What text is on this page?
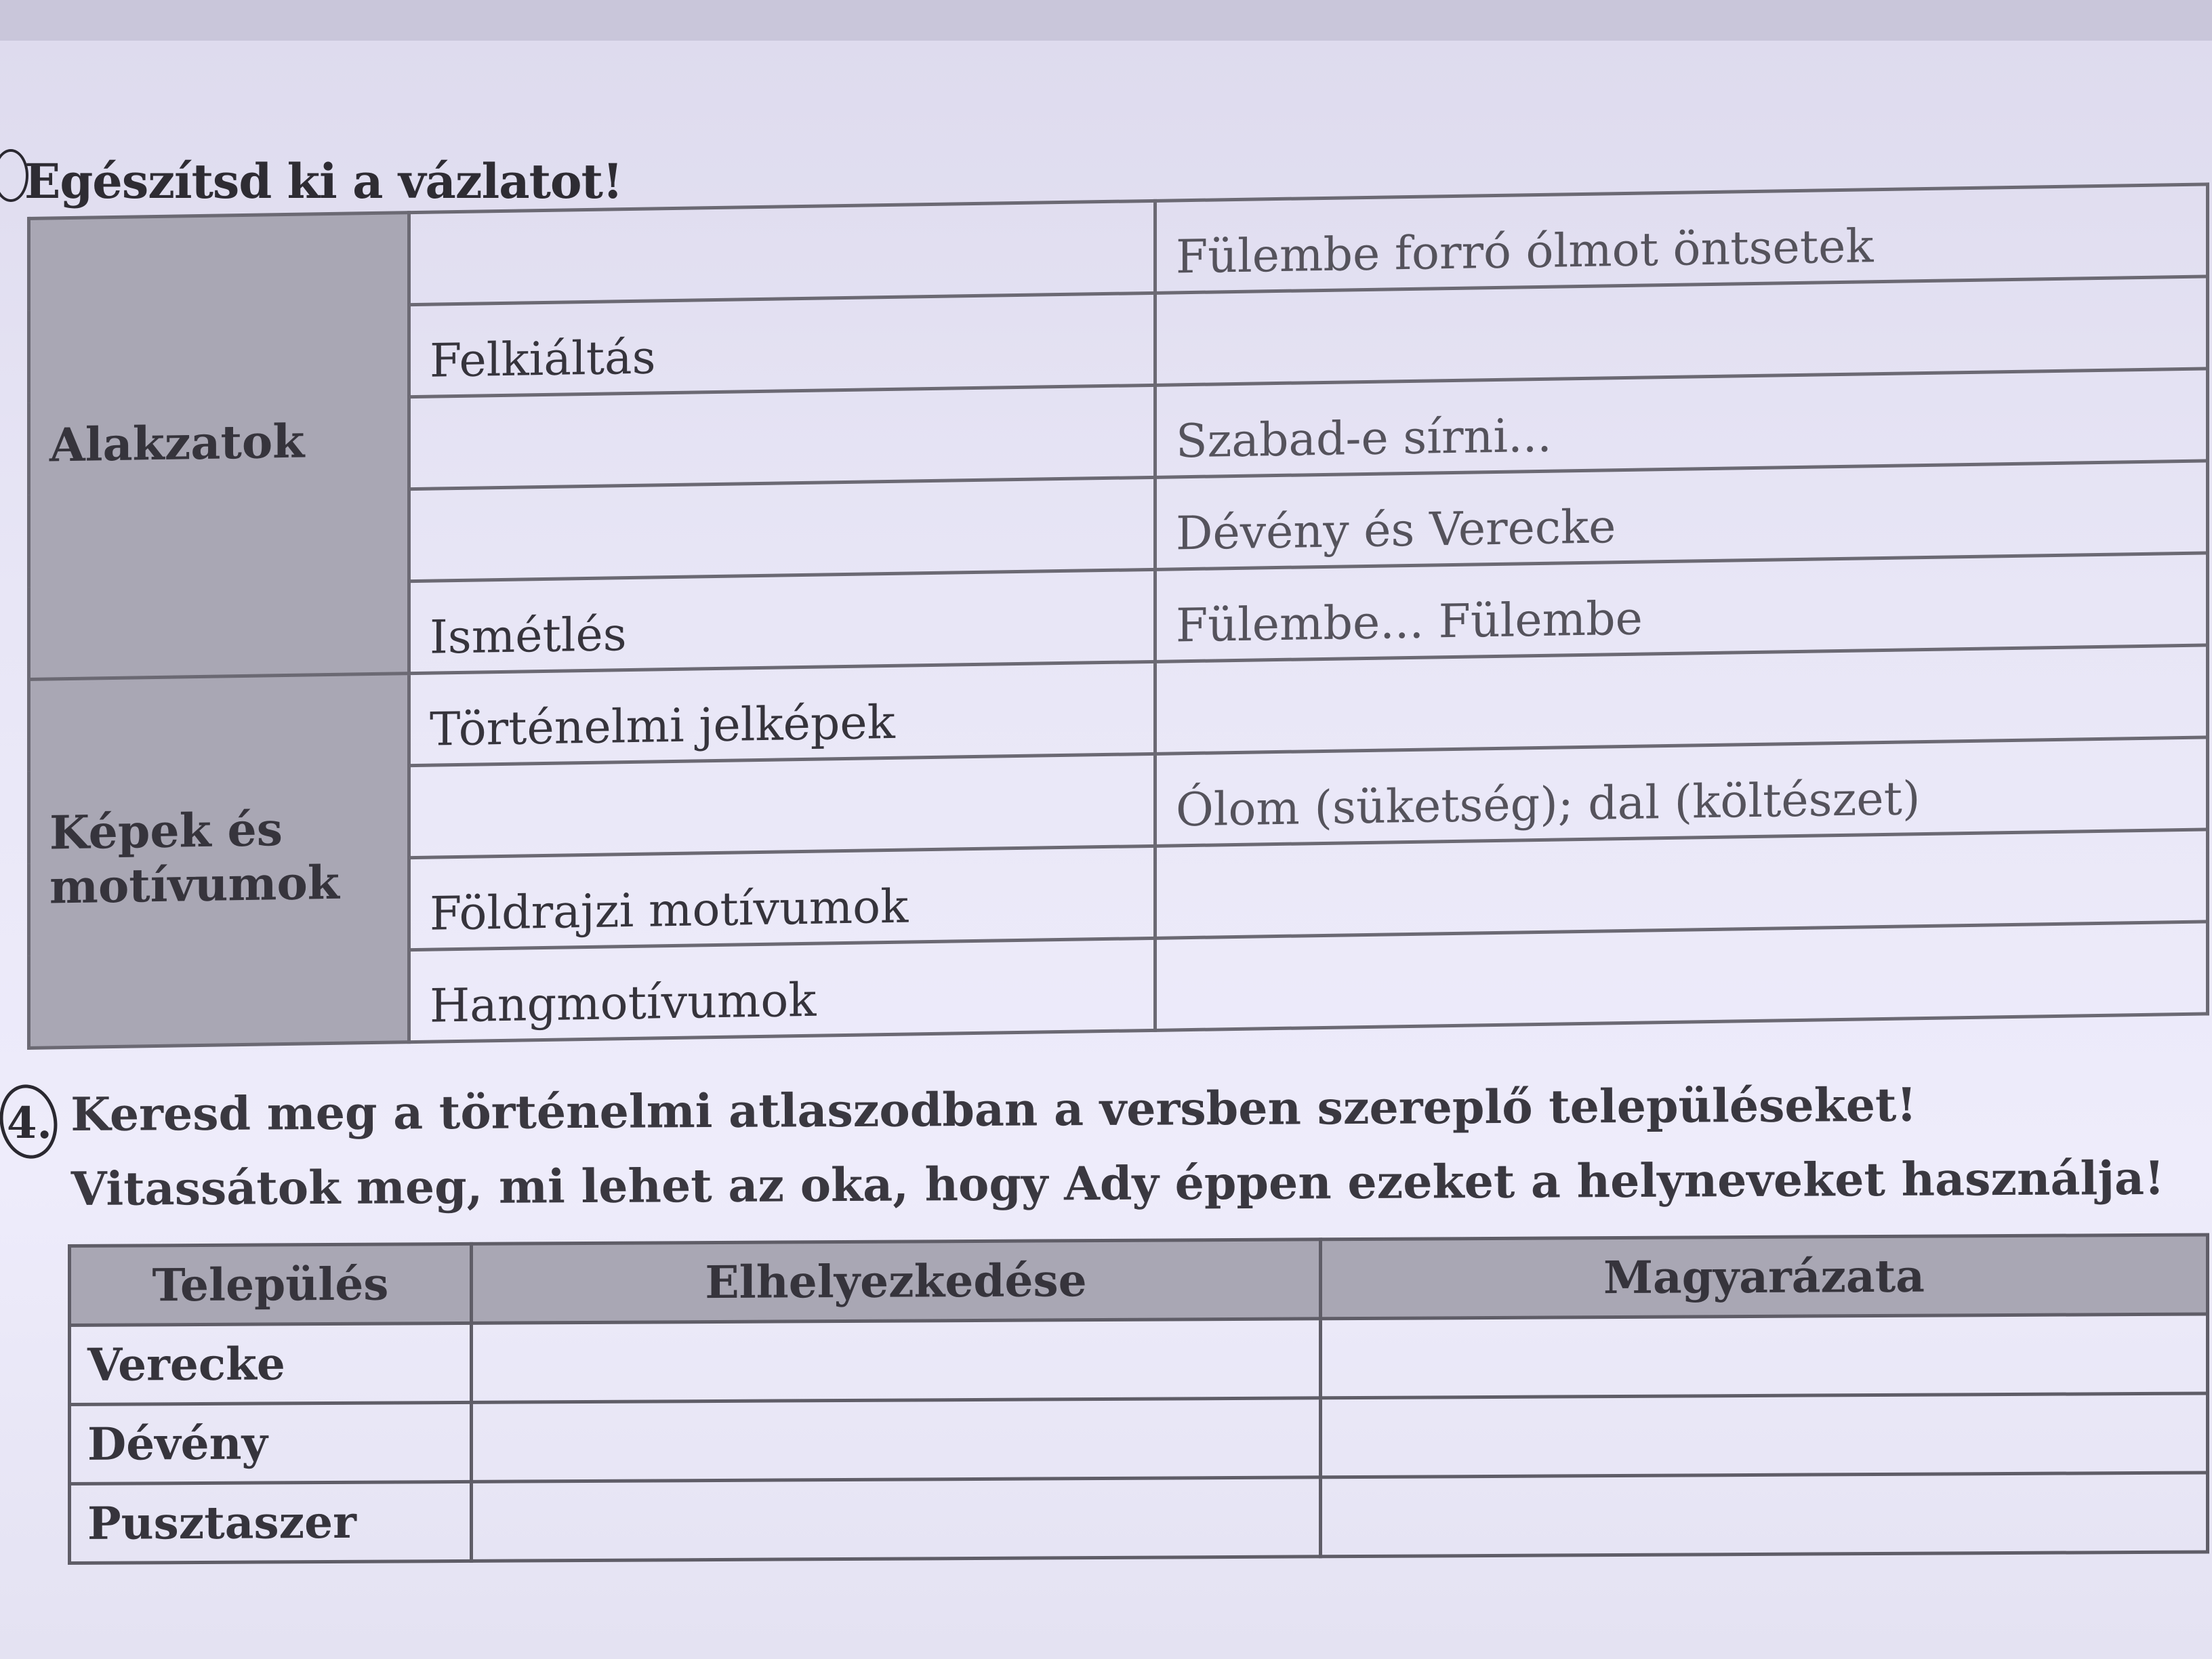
Egészítsd ki a vázlatot!
Alakzatok		Fülembe forró ólmot öntsetek
	Felkiáltás	
		Szabad-e sírni...
		Dévény és Verecke
	Ismétlés	Fülembe... Fülembe
Képek és motívumok	Történelmi jelképek	
		Ólom (süketség); dal (költészet)
	Földrajzi motívumok	
	Hangmotívumok	
4. Keresd meg a történelmi atlaszodban a versben szereplő településeket! Vitassátok meg, mi lehet az oka, hogy Ady éppen ezeket a helyneveket használja!
Település	Elhelyezkedése	Magyarázata
Verecke		
Dévény		
Pusztaszer		
